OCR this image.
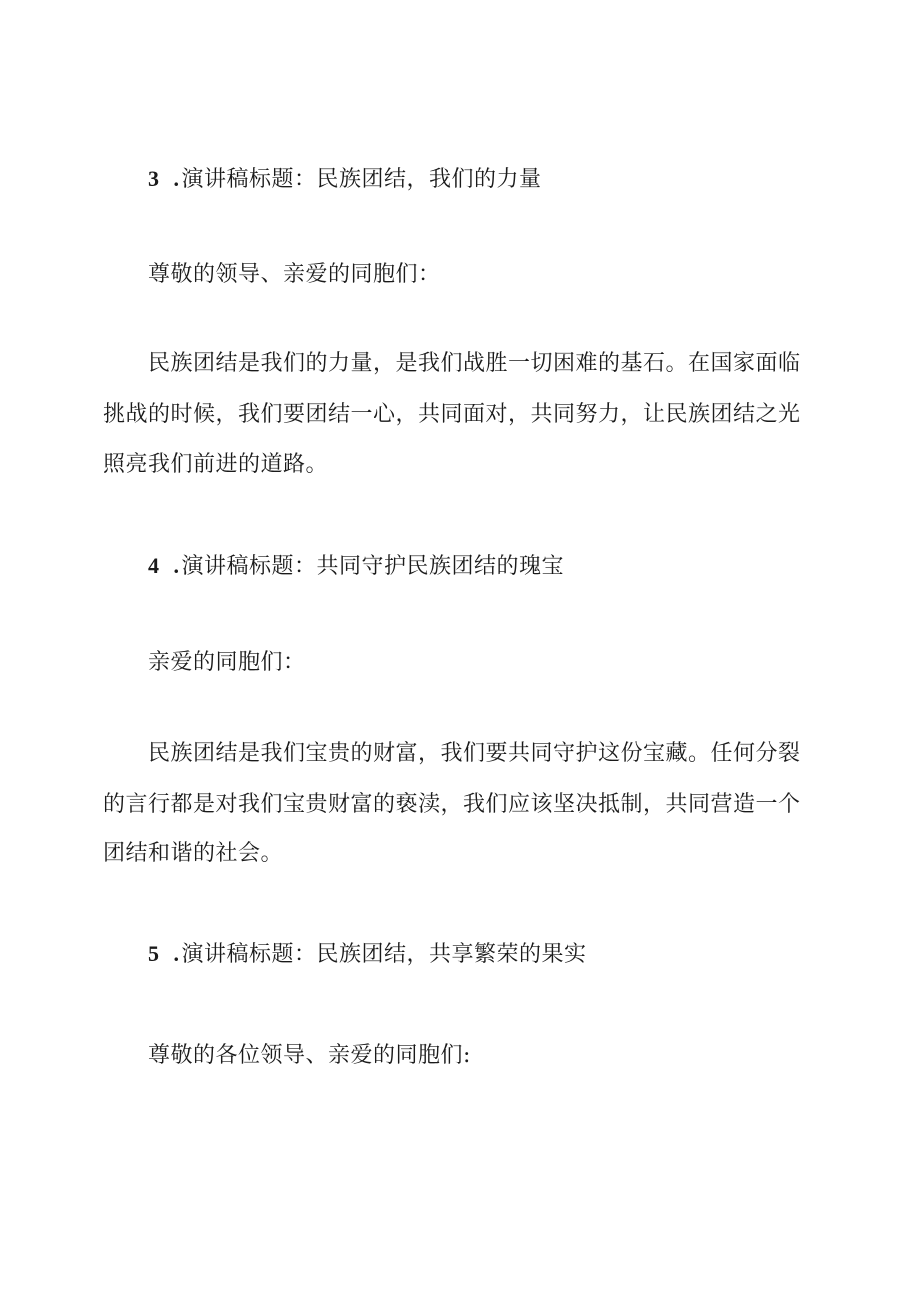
3 .演讲稿标题：民族团结，我们的力量
尊敬的领导、亲爱的同胞们：
民族团结是我们的力量，是我们战胜一切困难的基石。在国家面临
挑战的时候，我们要团结一心，共同面对，共同努力，让民族团结之光
照亮我们前进的道路。
4 .演讲稿标题：共同守护民族团结的瑰宝
亲爱的同胞们：
民族团结是我们宝贵的财富，我们要共同守护这份宝藏。任何分裂
的言行都是对我们宝贵财富的亵渎，我们应该坚决抵制，共同营造一个
团结和谐的社会。
5 .演讲稿标题：民族团结，共享繁荣的果实
尊敬的各位领导、亲爱的同胞们:
